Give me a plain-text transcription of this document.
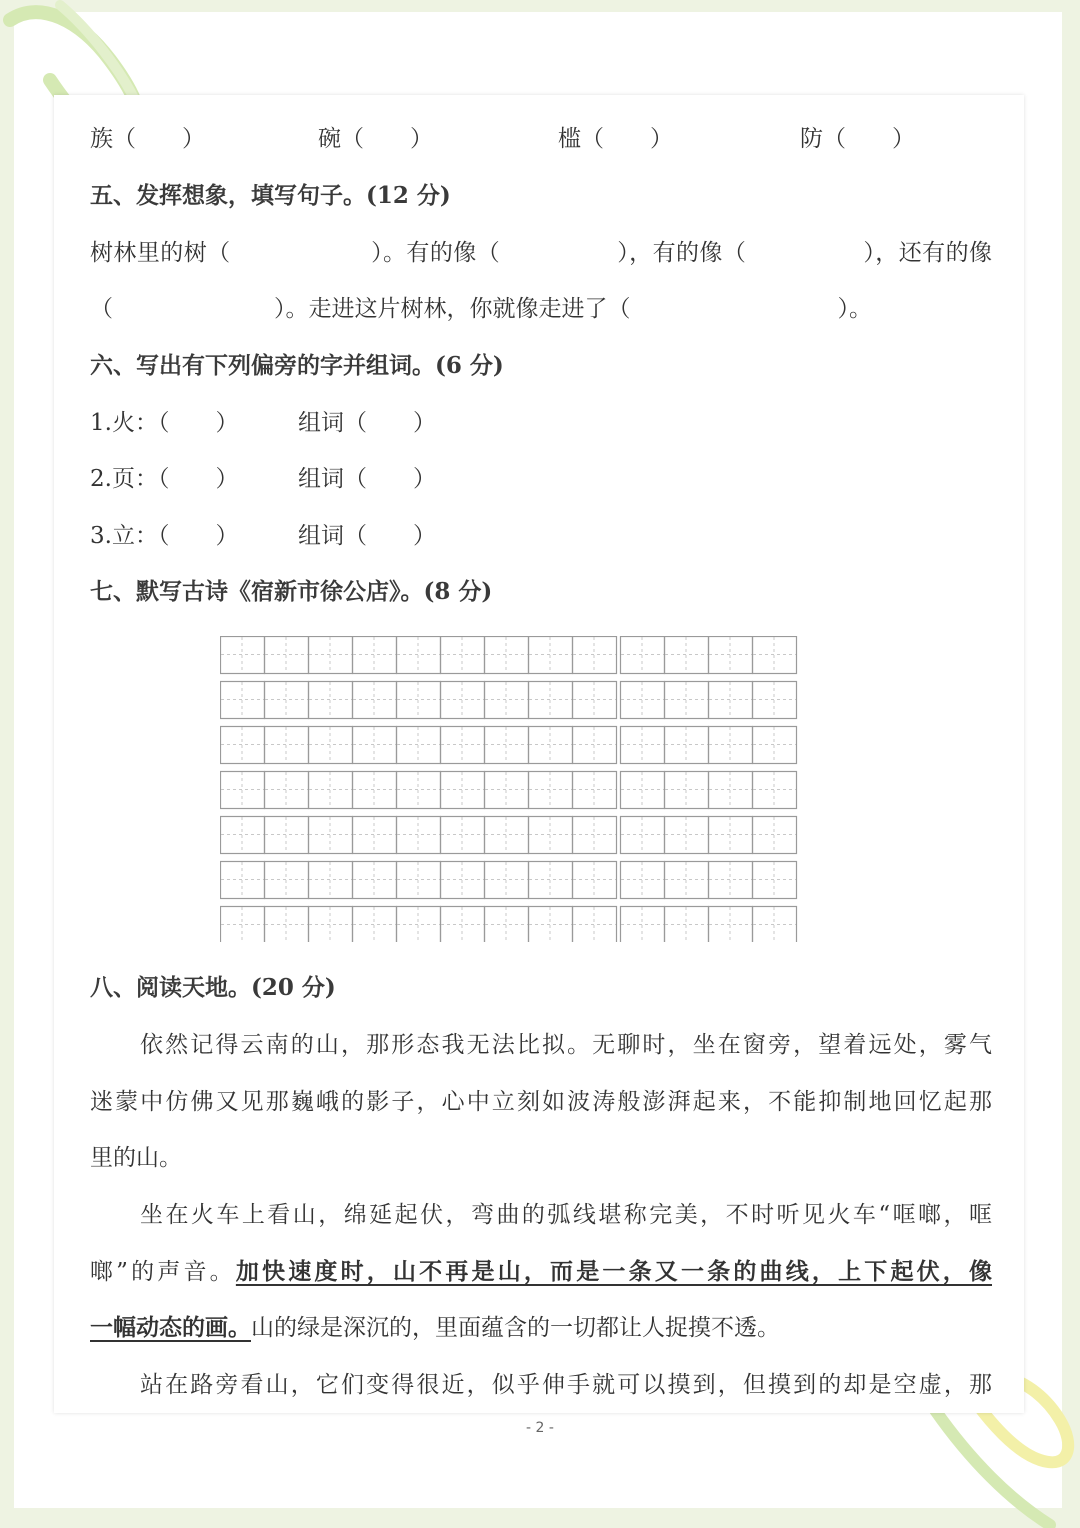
族（　　）	碗（　　）	槛（　　）	防（　　）
五、发挥想象，填写句子。(12 分)
树林里的树（　　　　　　）。有的像（　　　　　），有的像（　　　　　），还有的像
（　　　　　　　）。走进这片树林，你就像走进了（　　　　　　　　　）。
六、写出有下列偏旁的字并组词。(6 分)
1.火：（　　）	组词（　　）
2.页：（　　）	组词（　　）
3.立：（　　）	组词（　　）
七、默写古诗《宿新市徐公店》。(8 分)
八、阅读天地。(20 分)
依然记得云南的山，那形态我无法比拟。无聊时，坐在窗旁，望着远处，雾气
迷蒙中仿佛又见那巍峨的影子，心中立刻如波涛般澎湃起来，不能抑制地回忆起那
里的山。
坐在火车上看山，绵延起伏，弯曲的弧线堪称完美，不时听见火车“哐啷，哐
啷”的声音。加快速度时，山不再是山，而是一条又一条的曲线，上下起伏，像
一幅动态的画。山的绿是深沉的，里面蕴含的一切都让人捉摸不透。
站在路旁看山，它们变得很近，似乎伸手就可以摸到，但摸到的却是空虚，那
- 2 -
